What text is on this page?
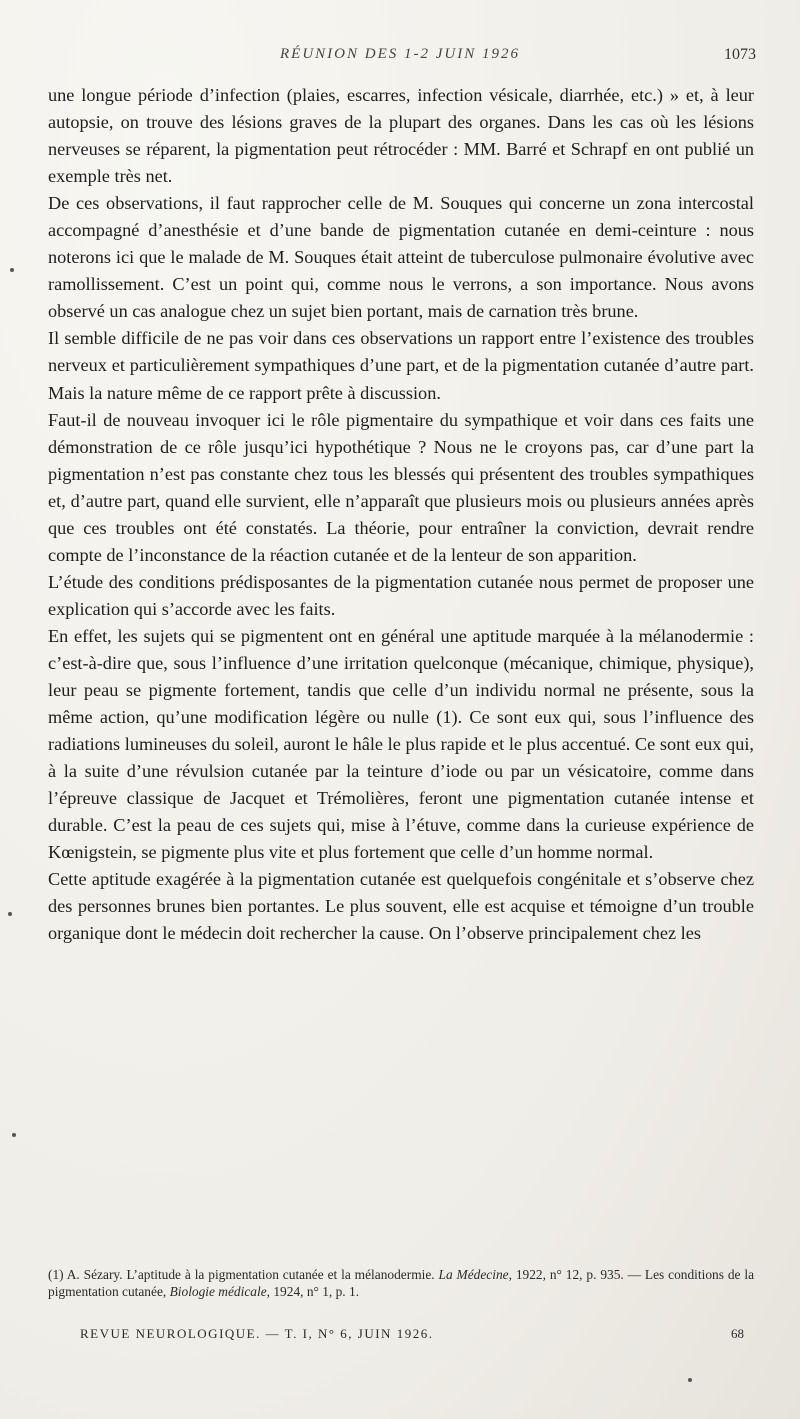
RÉUNION DES 1-2 JUIN 1926	1073

une longue période d’infection (plaies, escarres, infection vésicale, diarrhée, etc.) » et, à leur autopsie, on trouve des lésions graves de la plupart des organes. Dans les cas où les lésions nerveuses se réparent, la pigmentation peut rétrocéder : MM. Barré et Schrapf en ont publié un exemple très net.

De ces observations, il faut rapprocher celle de M. Souques qui concerne un zona intercostal accompagné d’anesthésie et d’une bande de pigmentation cutanée en demi-ceinture : nous noterons ici que le malade de M. Souques était atteint de tuberculose pulmonaire évolutive avec ramollissement. C’est un point qui, comme nous le verrons, a son importance. Nous avons observé un cas analogue chez un sujet bien portant, mais de carnation très brune.

Il semble difficile de ne pas voir dans ces observations un rapport entre l’existence des troubles nerveux et particulièrement sympathiques d’une part, et de la pigmentation cutanée d’autre part. Mais la nature même de ce rapport prête à discussion.

Faut-il de nouveau invoquer ici le rôle pigmentaire du sympathique et voir dans ces faits une démonstration de ce rôle jusqu’ici hypothétique ? Nous ne le croyons pas, car d’une part la pigmentation n’est pas constante chez tous les blessés qui présentent des troubles sympathiques et, d’autre part, quand elle survient, elle n’apparaît que plusieurs mois ou plusieurs années après que ces troubles ont été constatés. La théorie, pour entraîner la conviction, devrait rendre compte de l’inconstance de la réaction cutanée et de la lenteur de son apparition.

L’étude des conditions prédisposantes de la pigmentation cutanée nous permet de proposer une explication qui s’accorde avec les faits.

En effet, les sujets qui se pigmentent ont en général une aptitude marquée à la mélanodermie : c’est-à-dire que, sous l’influence d’une irritation quelconque (mécanique, chimique, physique), leur peau se pigmente fortement, tandis que celle d’un individu normal ne présente, sous la même action, qu’une modification légère ou nulle (1). Ce sont eux qui, sous l’influence des radiations lumineuses du soleil, auront le hâle le plus rapide et le plus accentué. Ce sont eux qui, à la suite d’une révulsion cutanée par la teinture d’iode ou par un vésicatoire, comme dans l’épreuve classique de Jacquet et Trémolières, feront une pigmentation cutanée intense et durable. C’est la peau de ces sujets qui, mise à l’étuve, comme dans la curieuse expérience de Kœnigstein, se pigmente plus vite et plus fortement que celle d’un homme normal.

Cette aptitude exagérée à la pigmentation cutanée est quelquefois congénitale et s’observe chez des personnes brunes bien portantes. Le plus souvent, elle est acquise et témoigne d’un trouble organique dont le médecin doit rechercher la cause. On l’observe principalement chez les

(1) A. Sézary. L’aptitude à la pigmentation cutanée et la mélanodermie. La Médecine, 1922, n° 12, p. 935. — Les conditions de la pigmentation cutanée, Biologie médicale, 1924, n° 1, p. 1.
REVUE NEUROLOGIQUE. — T. I, N° 6, JUIN 1926.	68
